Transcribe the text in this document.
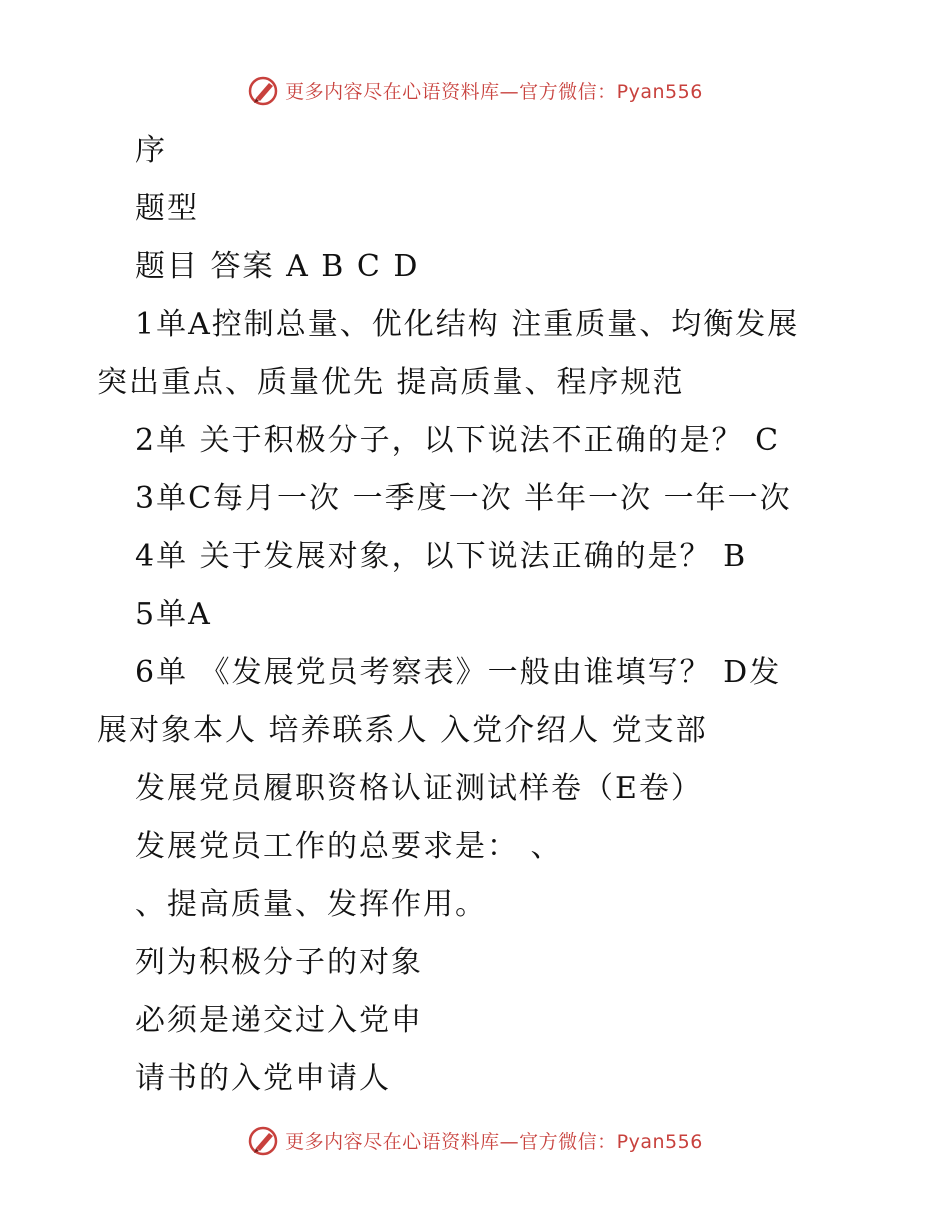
更多内容尽在心语资料库—官方微信：Pyan556
序
题型
题目 答案 A B C D
1单A控制总量、优化结构 注重质量、均衡发展
突出重点、质量优先 提高质量、程序规范
2单 关于积极分子，以下说法不正确的是？ C
3单C每月一次 一季度一次 半年一次 一年一次
4单 关于发展对象，以下说法正确的是？ B
5单A
6单 《发展党员考察表》一般由谁填写？ D发
展对象本人 培养联系人 入党介绍人 党支部
发展党员履职资格认证测试样卷（E卷）
发展党员工作的总要求是： 、
、提高质量、发挥作用。
列为积极分子的对象
必须是递交过入党申
请书的入党申请人
更多内容尽在心语资料库—官方微信：Pyan556
